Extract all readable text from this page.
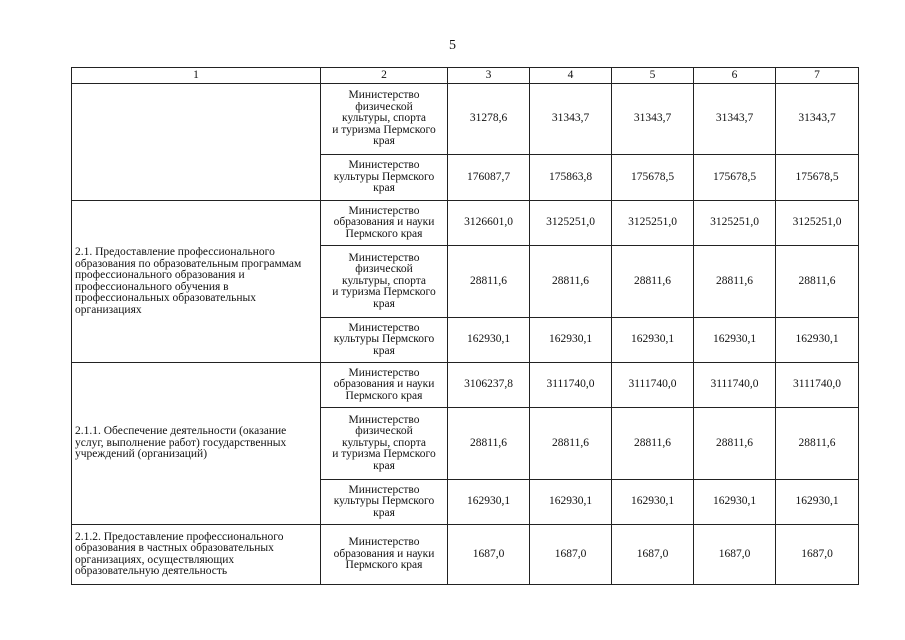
5
1	2	3	4	5	6	7
	Министерство
физической
культуры, спорта
и туризма Пермского
края	31278,6	31343,7	31343,7	31343,7	31343,7
	Министерство
культуры Пермского
края	176087,7	175863,8	175678,5	175678,5	175678,5
2.1. Предоставление профессионального образования по образовательным программам профессионального образования и профессионального обучения в профессиональных образовательных организациях	Министерство
образования и науки
Пермского края	3126601,0	3125251,0	3125251,0	3125251,0	3125251,0
	Министерство
физической
культуры, спорта
и туризма Пермского
края	28811,6	28811,6	28811,6	28811,6	28811,6
	Министерство
культуры Пермского
края	162930,1	162930,1	162930,1	162930,1	162930,1
2.1.1. Обеспечение деятельности (оказание услуг, выполнение работ) государственных учреждений (организаций)	Министерство
образования и науки
Пермского края	3106237,8	3111740,0	3111740,0	3111740,0	3111740,0
	Министерство
физической
культуры, спорта
и туризма Пермского
края	28811,6	28811,6	28811,6	28811,6	28811,6
	Министерство
культуры Пермского
края	162930,1	162930,1	162930,1	162930,1	162930,1
2.1.2. Предоставление профессионального образования в частных образовательных организациях, осуществляющих образовательную деятельность	Министерство
образования и науки
Пермского края	1687,0	1687,0	1687,0	1687,0	1687,0
